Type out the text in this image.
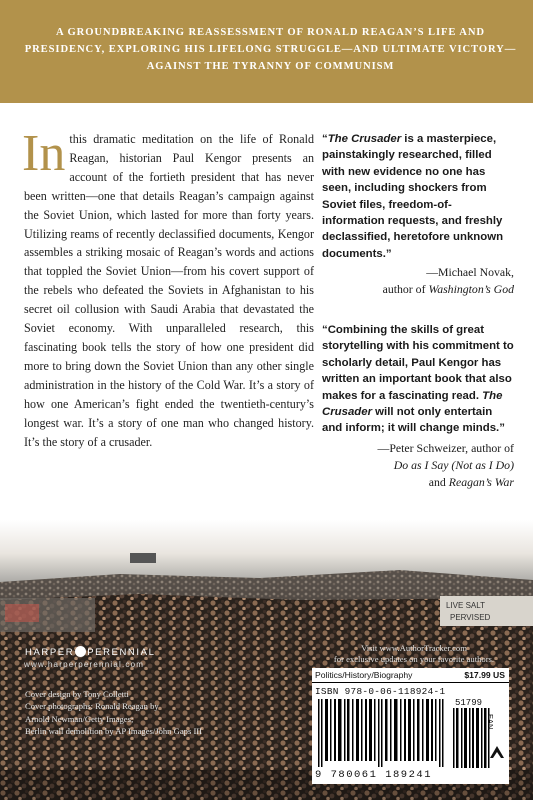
A GROUNDBREAKING REASSESSMENT OF RONALD REAGAN’S LIFE AND PRESIDENCY, EXPLORING HIS LIFELONG STRUGGLE—AND ULTIMATE VICTORY—AGAINST THE TYRANNY OF COMMUNISM

In this dramatic meditation on the life of Ronald Reagan, historian Paul Kengor presents an account of the fortieth president that has never been written—one that details Reagan’s campaign against the Soviet Union, which lasted for more than forty years. Utilizing reams of recently declassified documents, Kengor assembles a striking mosaic of Reagan’s words and actions that toppled the Soviet Union—from his covert support of the rebels who defeated the Soviets in Afghanistan to his secret oil collusion with Saudi Arabia that devastated the Soviet economy. With unparalleled research, this fascinating book tells the story of how one president did more to bring down the Soviet Union than any other single administration in the history of the Cold War. It’s a story of how one American’s fight ended the twentieth-century’s longest war. It’s a story of one man who changed history. It’s the story of a crusader.
“The Crusader is a masterpiece, painstakingly researched, filled with new evidence no one has seen, including shockers from Soviet files, freedom-of-information requests, and freshly declassified, heretofore unknown documents.”
—Michael Novak,
author of Washington’s God
“Combining the skills of great storytelling with his commitment to scholarly detail, Paul Kengor has written an important book that also makes for a fascinating read. The Crusader will not only entertain and inform; it will change minds.”
—Peter Schweizer, author of
Do as I Say (Not as I Do)
and Reagan’s War
LIVE SALT
PERVISED
HARPER PERENNIAL
www.harperperennial.com
Cover design by Tony Colletti
Cover photographs: Ronald Reagan by
Arnold Newman/Getty Images;
Berlin wall demolition by AP Images/John Gaps III
Visit www.AuthorTracker.com
for exclusive updates on your favorite authors.
Politics/History/Biography	$17.99 US
ISBN 978-0-06-118924-1
51799
EAN
9 780061 189241
